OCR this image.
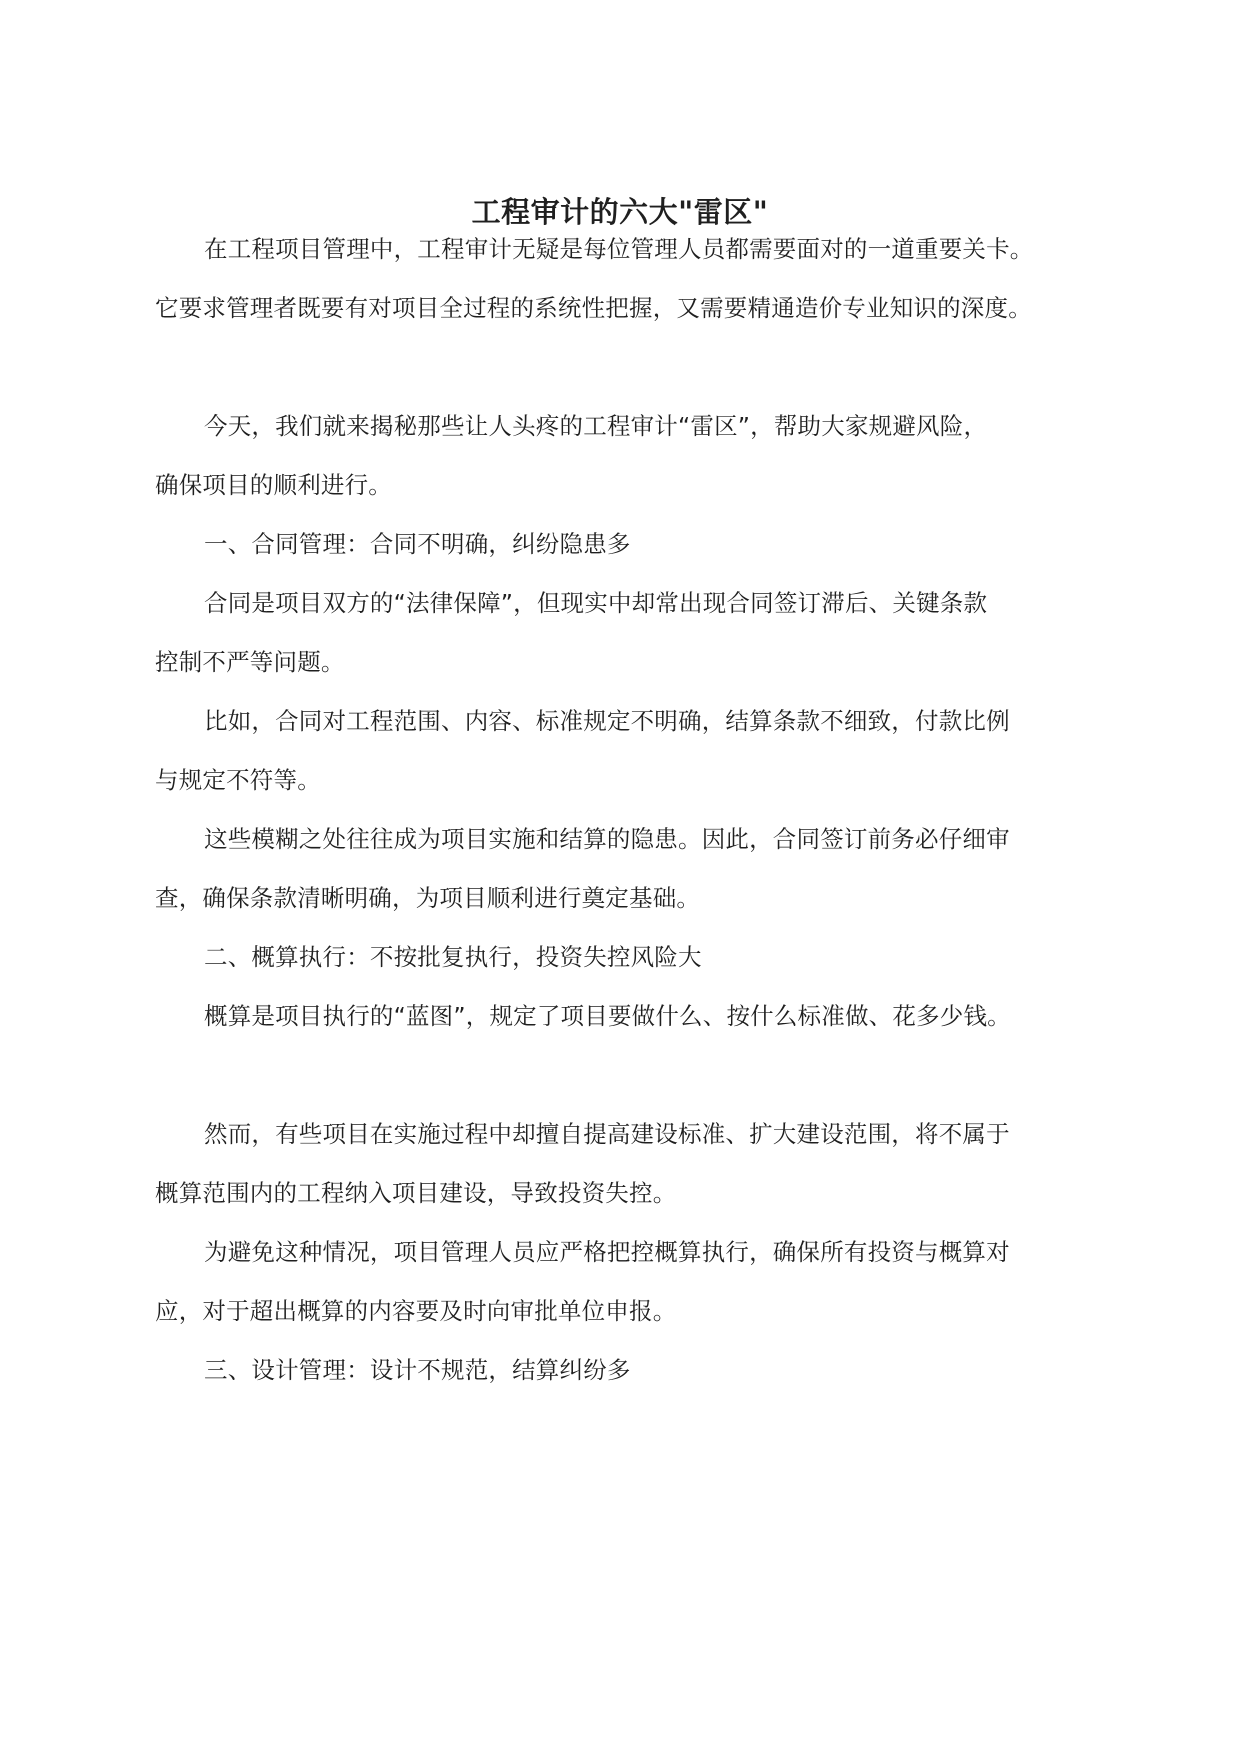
工程审计的六大"雷区"
在工程项目管理中，工程审计无疑是每位管理人员都需要面对的一道重要关卡。
它要求管理者既要有对项目全过程的系统性把握，又需要精通造价专业知识的深度。
今天，我们就来揭秘那些让人头疼的工程审计“雷区”，帮助大家规避风险，
确保项目的顺利进行。
一、合同管理：合同不明确，纠纷隐患多
合同是项目双方的“法律保障”，但现实中却常出现合同签订滞后、关键条款
控制不严等问题。
比如，合同对工程范围、内容、标准规定不明确，结算条款不细致，付款比例
与规定不符等。
这些模糊之处往往成为项目实施和结算的隐患。因此，合同签订前务必仔细审
查，确保条款清晰明确，为项目顺利进行奠定基础。
二、概算执行：不按批复执行，投资失控风险大
概算是项目执行的“蓝图”，规定了项目要做什么、按什么标准做、花多少钱。
然而，有些项目在实施过程中却擅自提高建设标准、扩大建设范围，将不属于
概算范围内的工程纳入项目建设，导致投资失控。
为避免这种情况，项目管理人员应严格把控概算执行，确保所有投资与概算对
应，对于超出概算的内容要及时向审批单位申报。
三、设计管理：设计不规范，结算纠纷多
